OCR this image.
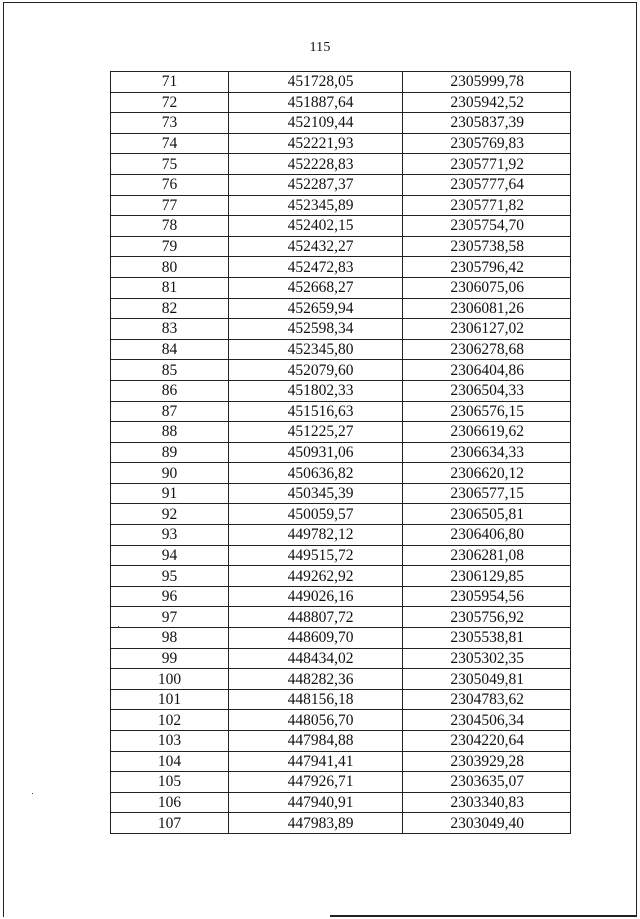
115
71	451728,05	2305999,78
72	451887,64	2305942,52
73	452109,44	2305837,39
74	452221,93	2305769,83
75	452228,83	2305771,92
76	452287,37	2305777,64
77	452345,89	2305771,82
78	452402,15	2305754,70
79	452432,27	2305738,58
80	452472,83	2305796,42
81	452668,27	2306075,06
82	452659,94	2306081,26
83	452598,34	2306127,02
84	452345,80	2306278,68
85	452079,60	2306404,86
86	451802,33	2306504,33
87	451516,63	2306576,15
88	451225,27	2306619,62
89	450931,06	2306634,33
90	450636,82	2306620,12
91	450345,39	2306577,15
92	450059,57	2306505,81
93	449782,12	2306406,80
94	449515,72	2306281,08
95	449262,92	2306129,85
96	449026,16	2305954,56
97	448807,72	2305756,92
98	448609,70	2305538,81
99	448434,02	2305302,35
100	448282,36	2305049,81
101	448156,18	2304783,62
102	448056,70	2304506,34
103	447984,88	2304220,64
104	447941,41	2303929,28
105	447926,71	2303635,07
106	447940,91	2303340,83
107	447983,89	2303049,40
